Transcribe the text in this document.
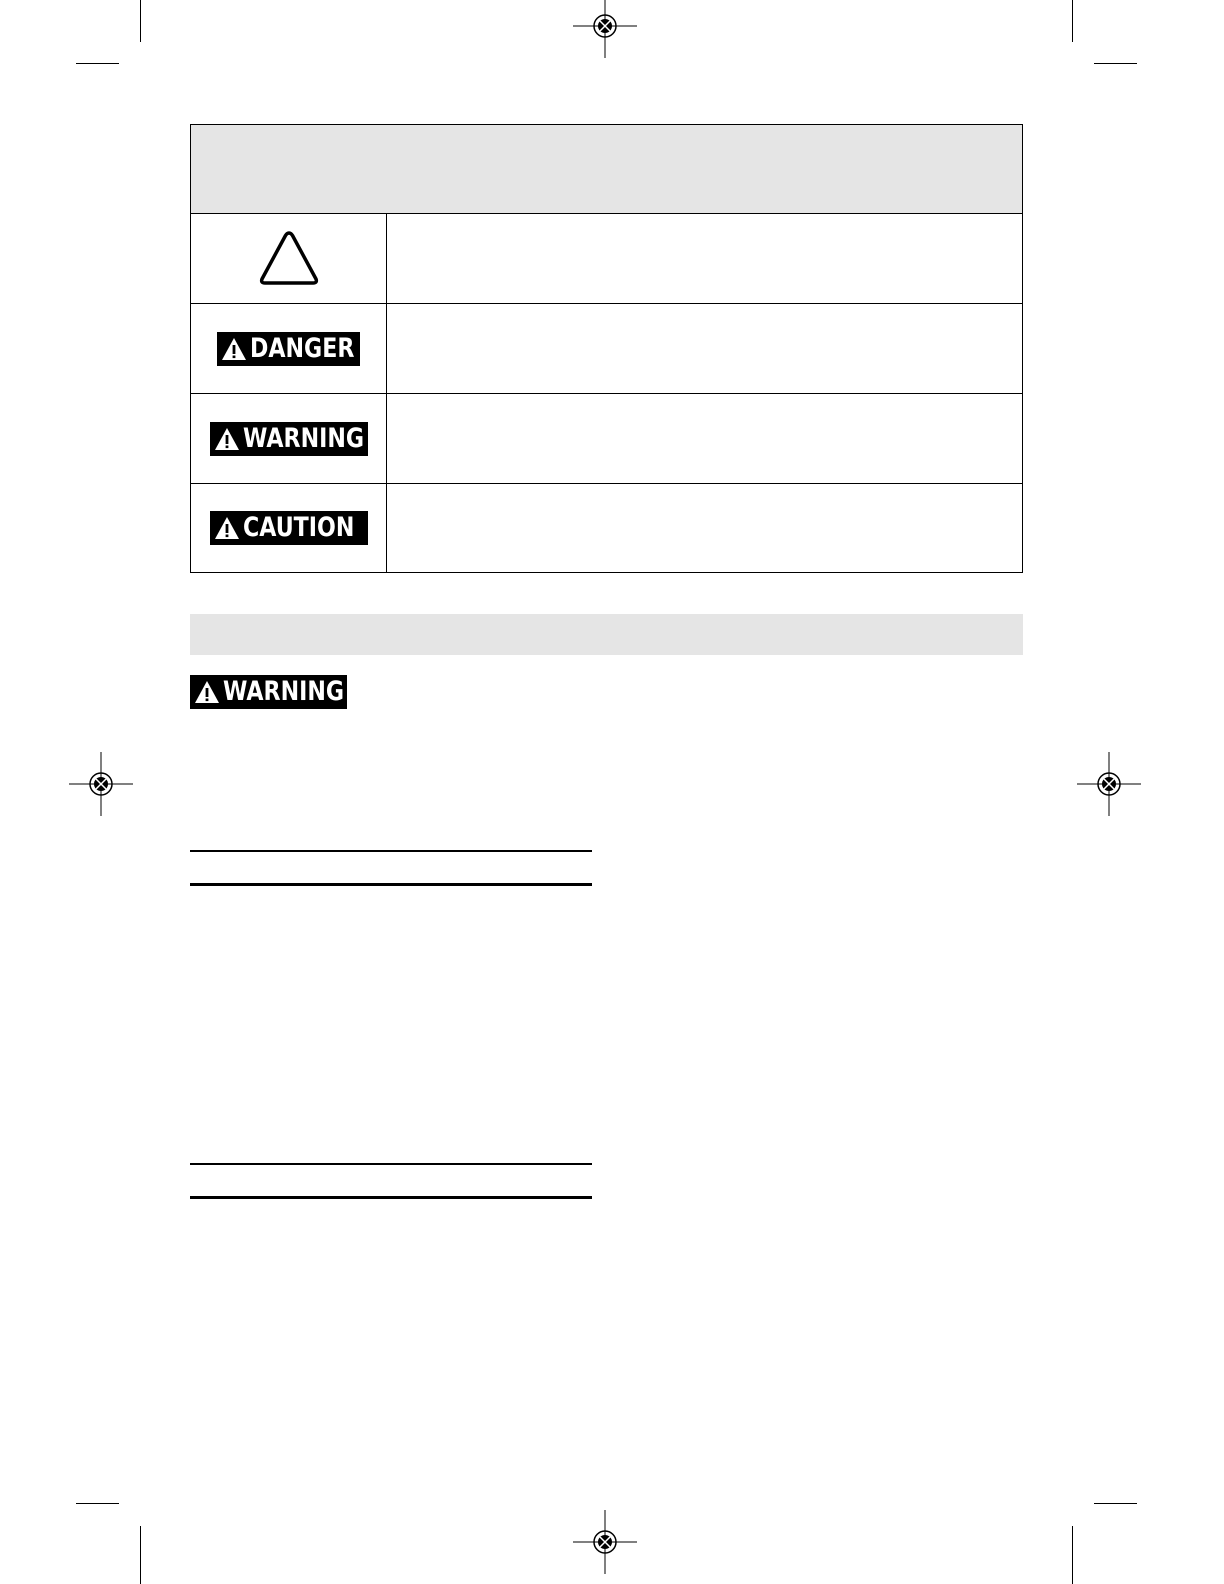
DANGER
WARNING
CAUTION
WARNING
